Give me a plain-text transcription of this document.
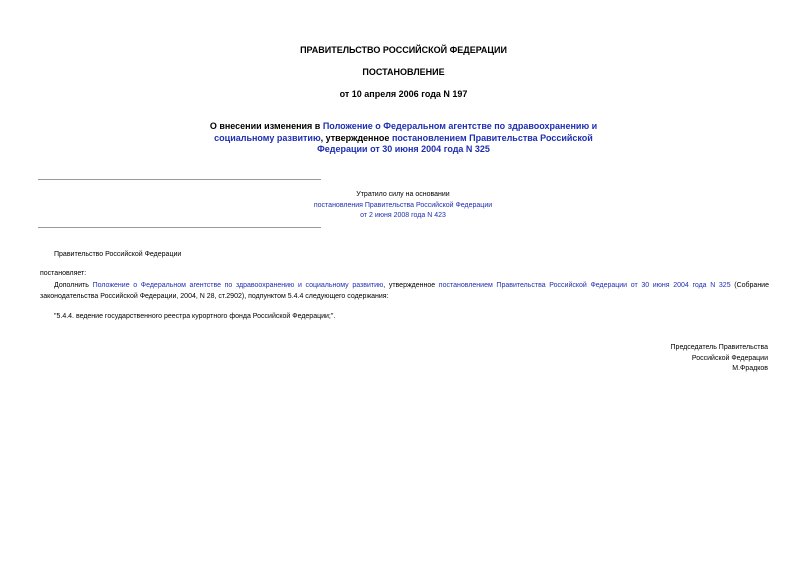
ПРАВИТЕЛЬСТВО РОССИЙСКОЙ ФЕДЕРАЦИИ
ПОСТАНОВЛЕНИЕ
от 10 апреля 2006 года N 197
О внесении изменения в Положение о Федеральном агентстве по здравоохранению и социальному развитию, утвержденное постановлением Правительства Российской Федерации от 30 июня 2004 года N 325
Утратило силу на основании
постановления Правительства Российской Федерации
от 2 июня 2008 года N 423
Правительство Российской Федерации
постановляет:
Дополнить Положение о Федеральном агентстве по здравоохранению и социальному развитию, утвержденное постановлением Правительства Российской Федерации от 30 июня 2004 года N 325 (Собрание законодательства Российской Федерации, 2004, N 28, ст.2902), подпунктом 5.4.4 следующего содержания:
"5.4.4. ведение государственного реестра курортного фонда Российской Федерации;".
Председатель Правительства
Российской Федерации
М.Фрадков
